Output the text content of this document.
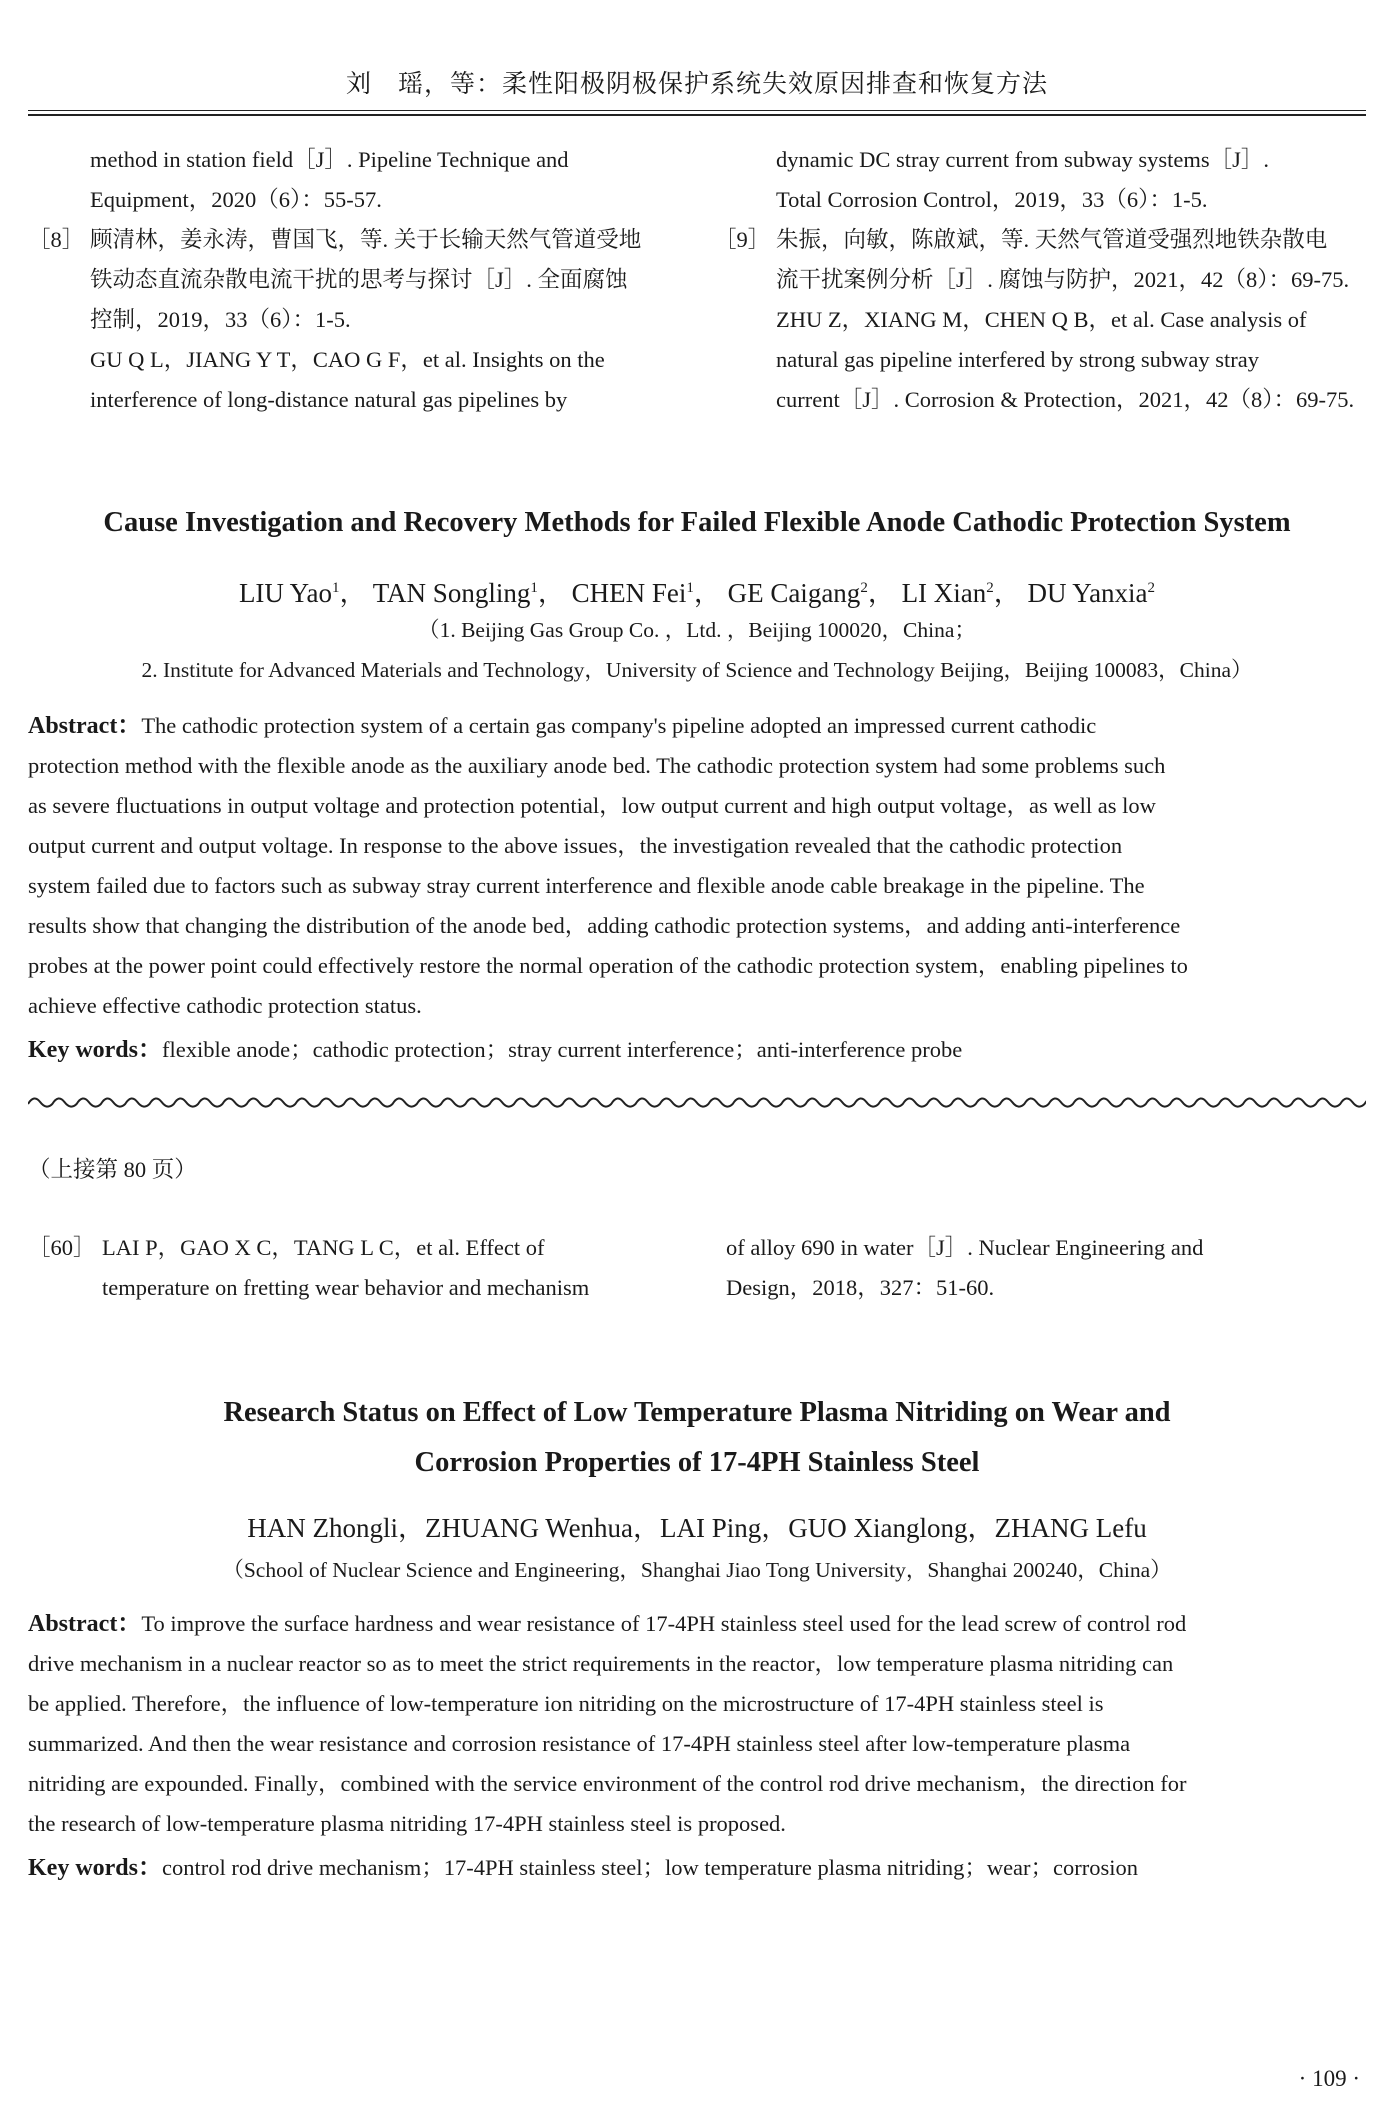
刘　瑶，等：柔性阳极阴极保护系统失效原因排查和恢复方法
method in station field［J］. Pipeline Technique and
Equipment，2020（6）：55-57.
［8］ 顾清林，姜永涛，曹国飞，等. 关于长输天然气管道受地
铁动态直流杂散电流干扰的思考与探讨［J］. 全面腐蚀
控制，2019，33（6）：1-5.
GU Q L，JIANG Y T，CAO G F，et al. Insights on the
interference of long-distance natural gas pipelines by
dynamic DC stray current from subway systems［J］.
Total Corrosion Control，2019，33（6）：1-5.
［9］ 朱振，向敏，陈啟斌，等. 天然气管道受强烈地铁杂散电
流干扰案例分析［J］. 腐蚀与防护，2021，42（8）：69-75.
ZHU Z，XIANG M，CHEN Q B，et al. Case analysis of
natural gas pipeline interfered by strong subway stray
current［J］. Corrosion & Protection，2021，42（8）：69-75.
Cause Investigation and Recovery Methods for Failed Flexible Anode Cathodic Protection System
LIU Yao$^1$， TAN Songling$^1$， CHEN Fei$^1$， GE Caigang$^2$， LI Xian$^2$， DU Yanxia$^2$
（1. Beijing Gas Group Co. ，Ltd. ，Beijing 100020，China；
2. Institute for Advanced Materials and Technology，University of Science and Technology Beijing，Beijing 100083，China）
Abstract：The cathodic protection system of a certain gas company's pipeline adopted an impressed current cathodic
protection method with the flexible anode as the auxiliary anode bed. The cathodic protection system had some problems such
as severe fluctuations in output voltage and protection potential，low output current and high output voltage，as well as low
output current and output voltage. In response to the above issues，the investigation revealed that the cathodic protection
system failed due to factors such as subway stray current interference and flexible anode cable breakage in the pipeline. The
results show that changing the distribution of the anode bed，adding cathodic protection systems，and adding anti-interference
probes at the power point could effectively restore the normal operation of the cathodic protection system，enabling pipelines to
achieve effective cathodic protection status.
Key words：flexible anode；cathodic protection；stray current interference；anti-interference probe
（上接第 80 页）
［60］ LAI P，GAO X C，TANG L C，et al. Effect of
temperature on fretting wear behavior and mechanism
of alloy 690 in water［J］. Nuclear Engineering and
Design，2018，327：51-60.
Research Status on Effect of Low Temperature Plasma Nitriding on Wear and
Corrosion Properties of 17-4PH Stainless Steel
HAN Zhongli，ZHUANG Wenhua，LAI Ping，GUO Xianglong，ZHANG Lefu
（School of Nuclear Science and Engineering，Shanghai Jiao Tong University，Shanghai 200240，China）
Abstract：To improve the surface hardness and wear resistance of 17-4PH stainless steel used for the lead screw of control rod
drive mechanism in a nuclear reactor so as to meet the strict requirements in the reactor，low temperature plasma nitriding can
be applied. Therefore，the influence of low-temperature ion nitriding on the microstructure of 17-4PH stainless steel is
summarized. And then the wear resistance and corrosion resistance of 17-4PH stainless steel after low-temperature plasma
nitriding are expounded. Finally，combined with the service environment of the control rod drive mechanism，the direction for
the research of low-temperature plasma nitriding 17-4PH stainless steel is proposed.
Key words：control rod drive mechanism；17-4PH stainless steel；low temperature plasma nitriding；wear；corrosion
· 109 ·
